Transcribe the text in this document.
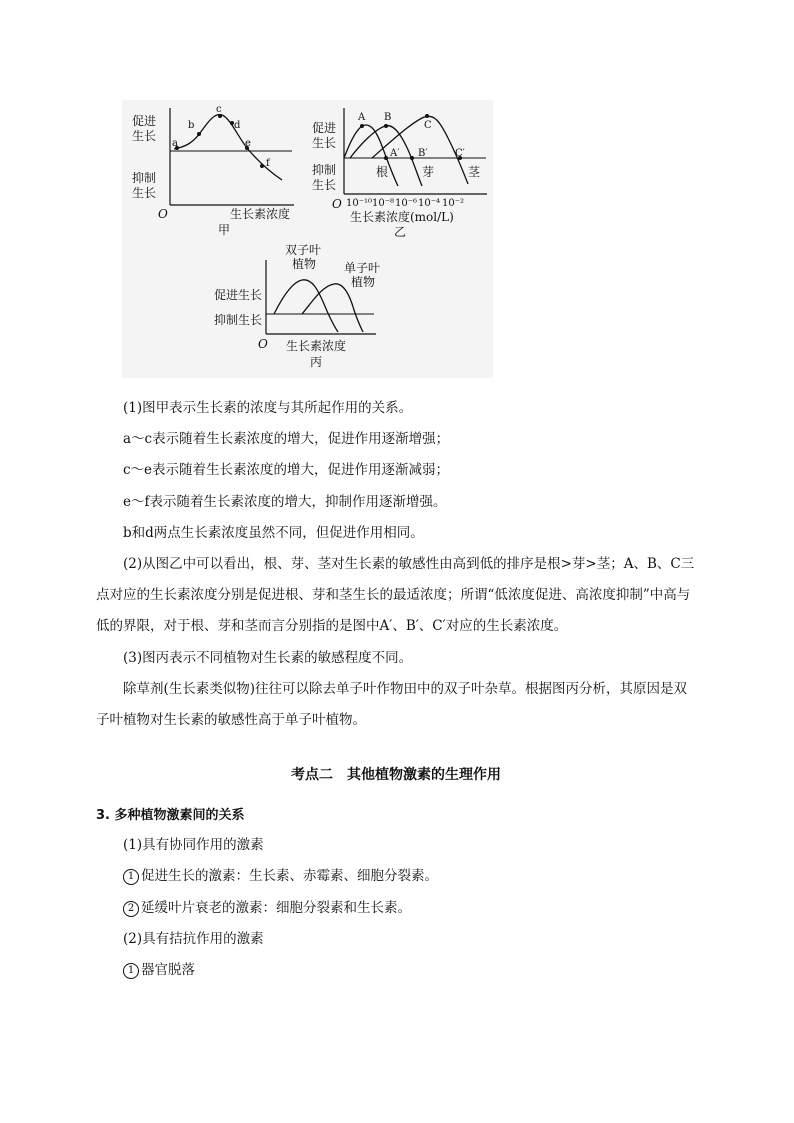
促进
生长
抑制
生长
O	生长素浓度
甲
a
b
c
d
e
f
促进
生长
抑制
生长
O
A B
C
A′ B′	C′
根	芽	茎
10⁻¹⁰ 10⁻⁸ 10⁻⁶ 10⁻⁴ 10⁻²
生长素浓度(mol/L)
乙
双子叶
植物 单子叶
植物
促进生长
抑制生长
O 生长素浓度
丙

(1)图甲表示生长素的浓度与其所起作用的关系。

a～c表示随着生长素浓度的增大，促进作用逐渐增强；

c～e表示随着生长素浓度的增大，促进作用逐渐减弱；

e～f表示随着生长素浓度的增大，抑制作用逐渐增强。

b和d两点生长素浓度虽然不同，但促进作用相同。

(2)从图乙中可以看出，根、芽、茎对生长素的敏感性由高到低的排序是根>芽>茎；A、B、C三点对应的生长素浓度分别是促进根、芽和茎生长的最适浓度；所谓“低浓度促进、高浓度抑制”中高与低的界限，对于根、芽和茎而言分别指的是图中A′、B′、C′对应的生长素浓度。

(3)图丙表示不同植物对生长素的敏感程度不同。

除草剂(生长素类似物)往往可以除去单子叶作物田中的双子叶杂草。根据图丙分析，其原因是双子叶植物对生长素的敏感性高于单子叶植物。

考点二　其他植物激素的生理作用

3. 多种植物激素间的关系

(1)具有协同作用的激素

1 促进生长的激素：生长素、赤霉素、细胞分裂素。

2 延缓叶片衰老的激素：细胞分裂素和生长素。

(2)具有拮抗作用的激素

1 器官脱落
